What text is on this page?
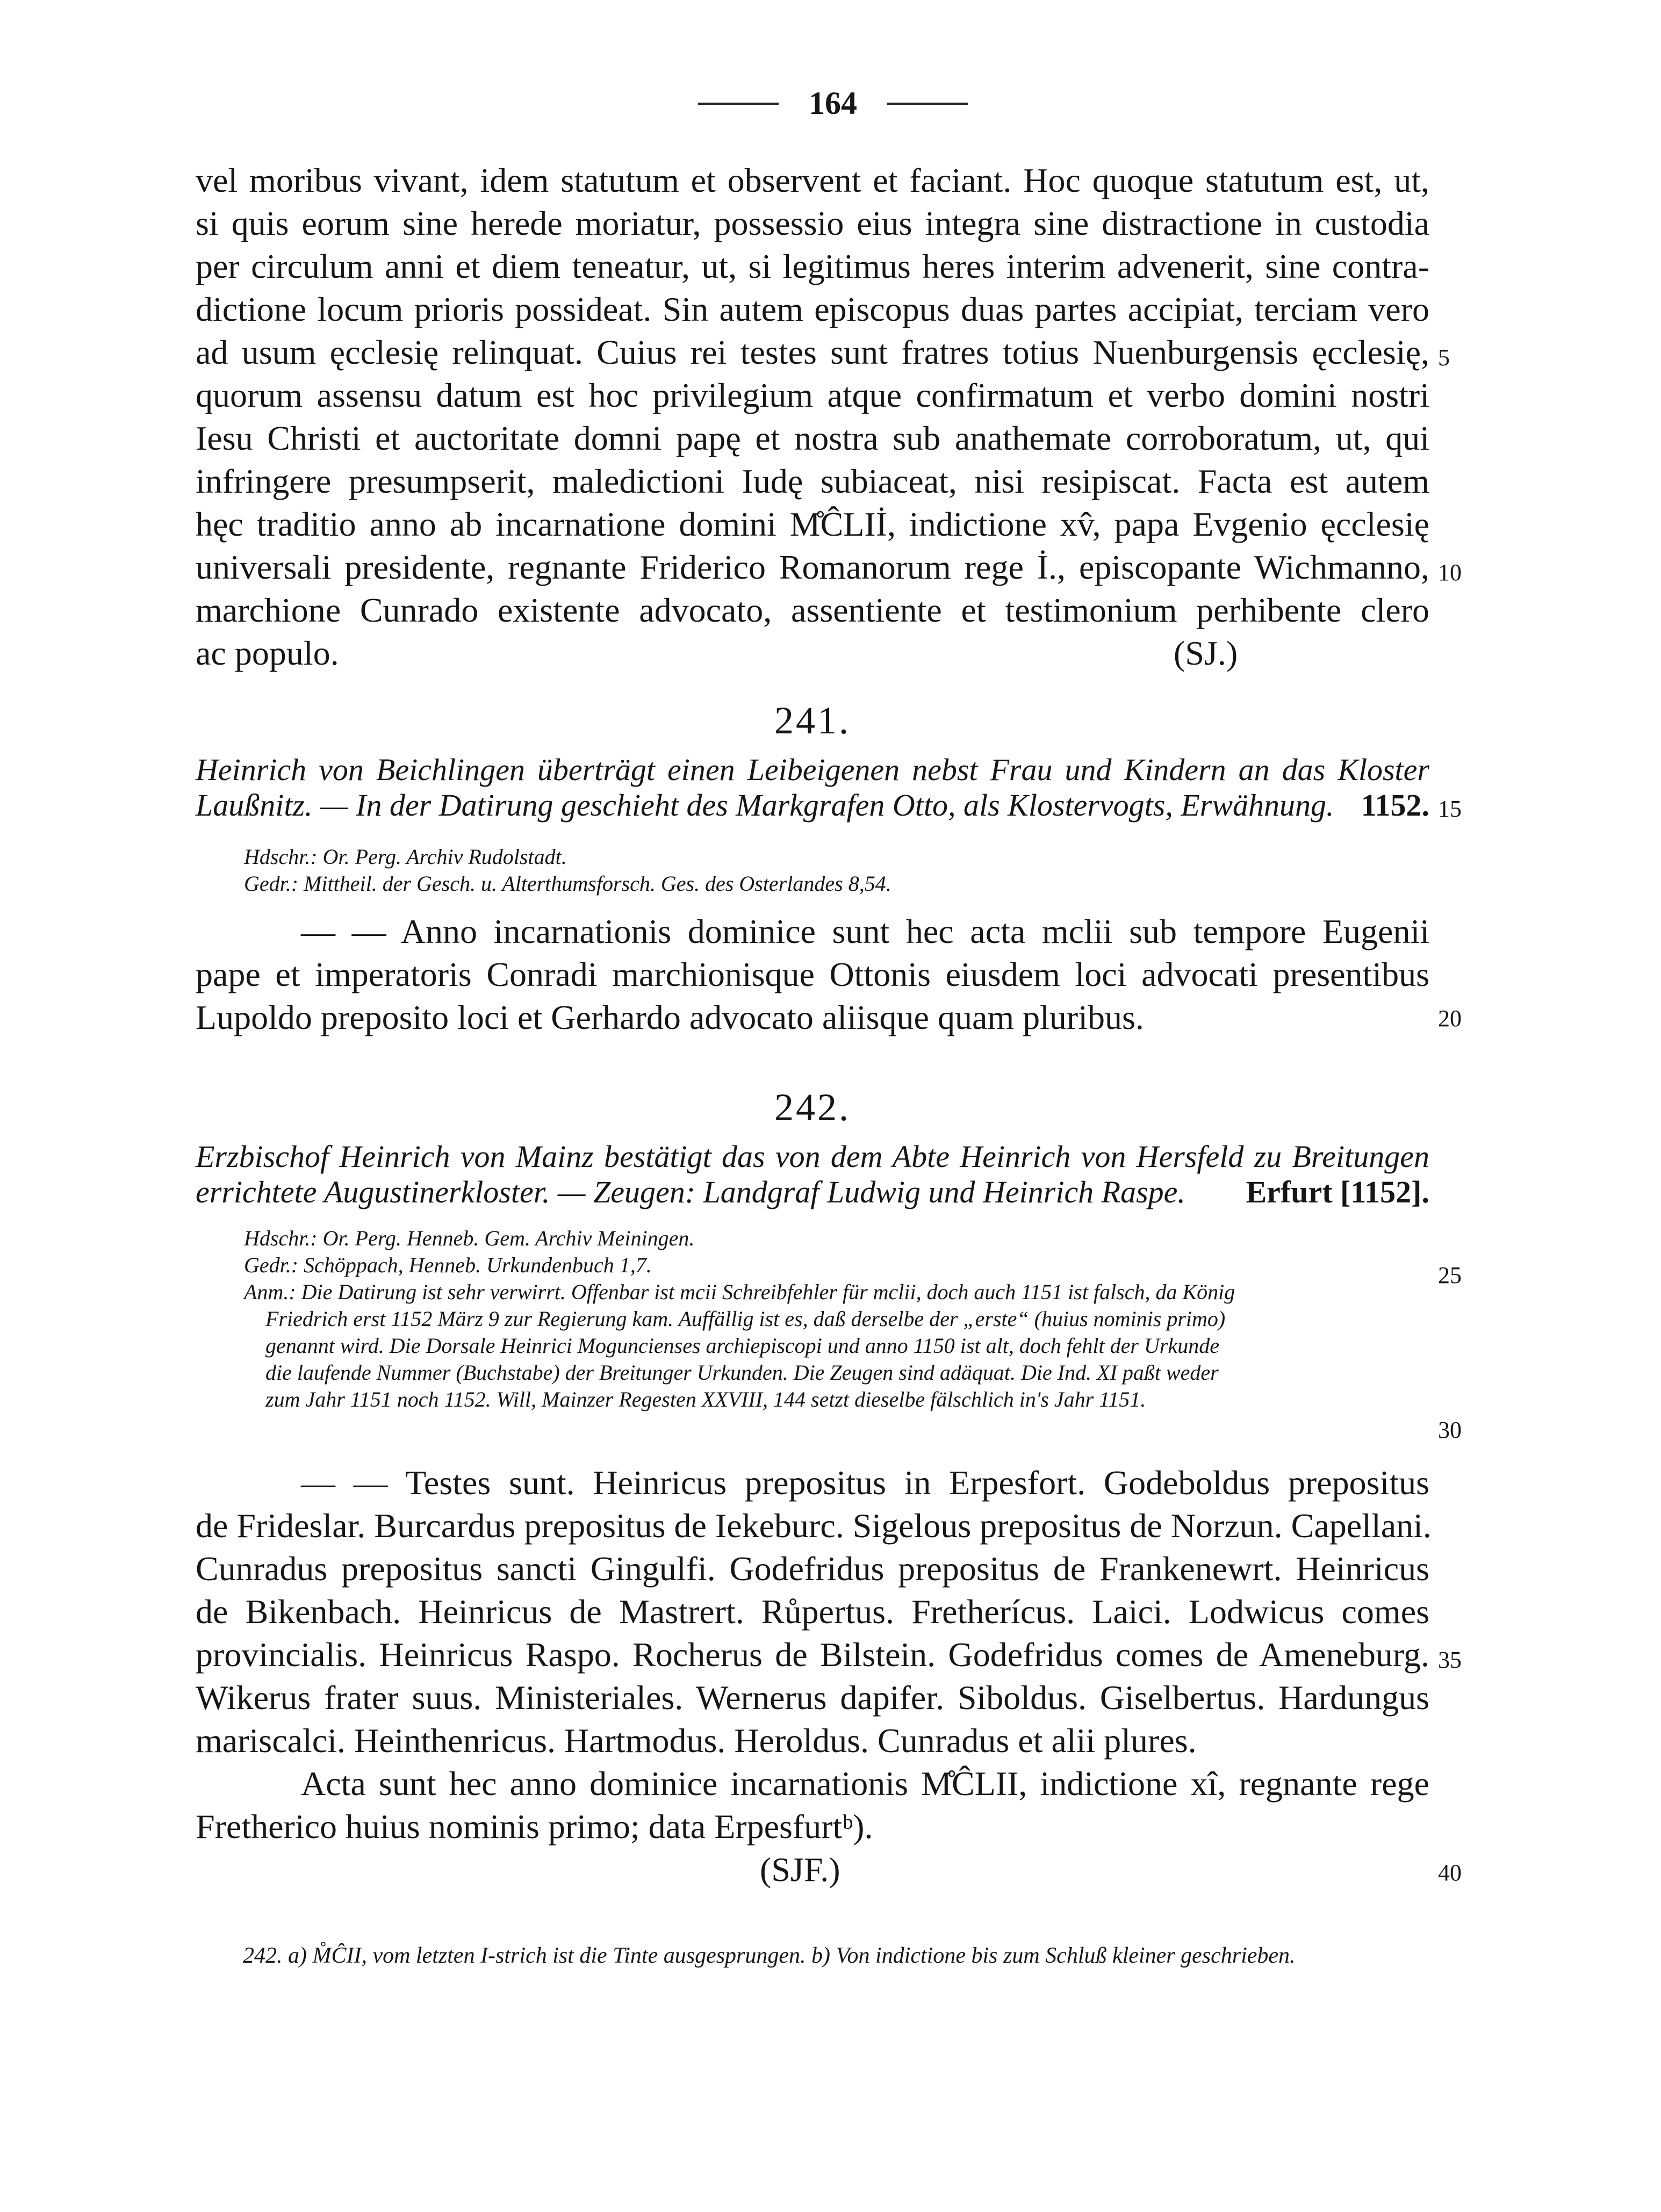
164
vel moribus vivant, idem statutum et observent et faciant. Hoc quoque statutum est, ut,
si quis eorum sine herede moriatur, possessio eius integra sine distractione in custodia
per circulum anni et diem teneatur, ut, si legitimus heres interim advenerit, sine contra-
dictione locum prioris possideat. Sin autem episcopus duas partes accipiat, terciam vero
ad usum ęcclesię relinquat. Cuius rei testes sunt fratres totius Nuenburgensis ęcclesię,
quorum assensu datum est hoc privilegium atque confirmatum et verbo domini nostri
Iesu Christi et auctoritate domni papę et nostra sub anathemate corroboratum, ut, qui
infringere presumpserit, maledictioni Iudę subiaceat, nisi resipiscat. Facta est autem
hęc traditio anno ab incarnatione domini M̊ĈLIİ, indictione xv̂, papa Evgenio ęcclesię
universali presidente, regnante Friderico Romanorum rege İ., episcopante Wichmanno,
marchione Cunrado existente advocato, assentiente et testimonium perhibente clero
ac populo.	(SJ.)
241.
Heinrich von Beichlingen überträgt einen Leibeigenen nebst Frau und Kindern an das Kloster
Laußnitz. — In der Datirung geschieht des Markgrafen Otto, als Klostervogts, Erwähnung. 1152.
Hdschr.: Or. Perg. Archiv Rudolstadt.
Gedr.: Mittheil. der Gesch. u. Alterthumsforsch. Ges. des Osterlandes 8,54.
— — Anno incarnationis dominice sunt hec acta mclii sub tempore Eugenii
pape et imperatoris Conradi marchionisque Ottonis eiusdem loci advocati presentibus
Lupoldo preposito loci et Gerhardo advocato aliisque quam pluribus.
242.
Erzbischof Heinrich von Mainz bestätigt das von dem Abte Heinrich von Hersfeld zu Breitungen
errichtete Augustinerkloster. — Zeugen: Landgraf Ludwig und Heinrich Raspe. Erfurt [1152].
Hdschr.: Or. Perg. Henneb. Gem. Archiv Meiningen.
Gedr.: Schöppach, Henneb. Urkundenbuch 1,7.
Anm.: Die Datirung ist sehr verwirrt. Offenbar ist mcii Schreibfehler für mclii, doch auch 1151 ist falsch, da König
Friedrich erst 1152 März 9 zur Regierung kam. Auffällig ist es, daß derselbe der „erste“ (huius nominis primo)
genannt wird. Die Dorsale Heinrici Moguncienses archiepiscopi und anno 1150 ist alt, doch fehlt der Urkunde
die laufende Nummer (Buchstabe) der Breitunger Urkunden. Die Zeugen sind adäquat. Die Ind. XI paßt weder
zum Jahr 1151 noch 1152. Will, Mainzer Regesten XXVIII, 144 setzt dieselbe fälschlich in's Jahr 1151.
— — Testes sunt. Heinricus prepositus in Erpesfort. Godeboldus prepositus
de Frideslar. Burcardus prepositus de Iekeburc. Sigelous prepositus de Norzun. Capellani.
Cunradus prepositus sancti Gingulfi. Godefridus prepositus de Frankenewrt. Heinricus
de Bikenbach. Heinricus de Mastrert. Růpertus. Fretherícus. Laici. Lodwicus comes
provincialis. Heinricus Raspo. Rocherus de Bilstein. Godefridus comes de Ameneburg.
Wikerus frater suus. Ministeriales. Wernerus dapifer. Siboldus. Giselbertus. Hardungus
mariscalci. Heinthenricus. Hartmodus. Heroldus. Cunradus et alii plures.
Acta sunt hec anno dominice incarnationis M̊ĈLII, indictione xî, regnante rege
Fretherico huius nominis primo; data Erpesfurtᵇ).
(SJF.)
242. a) M̊ĈII, vom letzten I-strich ist die Tinte ausgesprungen. b) Von indictione bis zum Schluß kleiner geschrieben.
5
10
15
20
25
30
35
40
